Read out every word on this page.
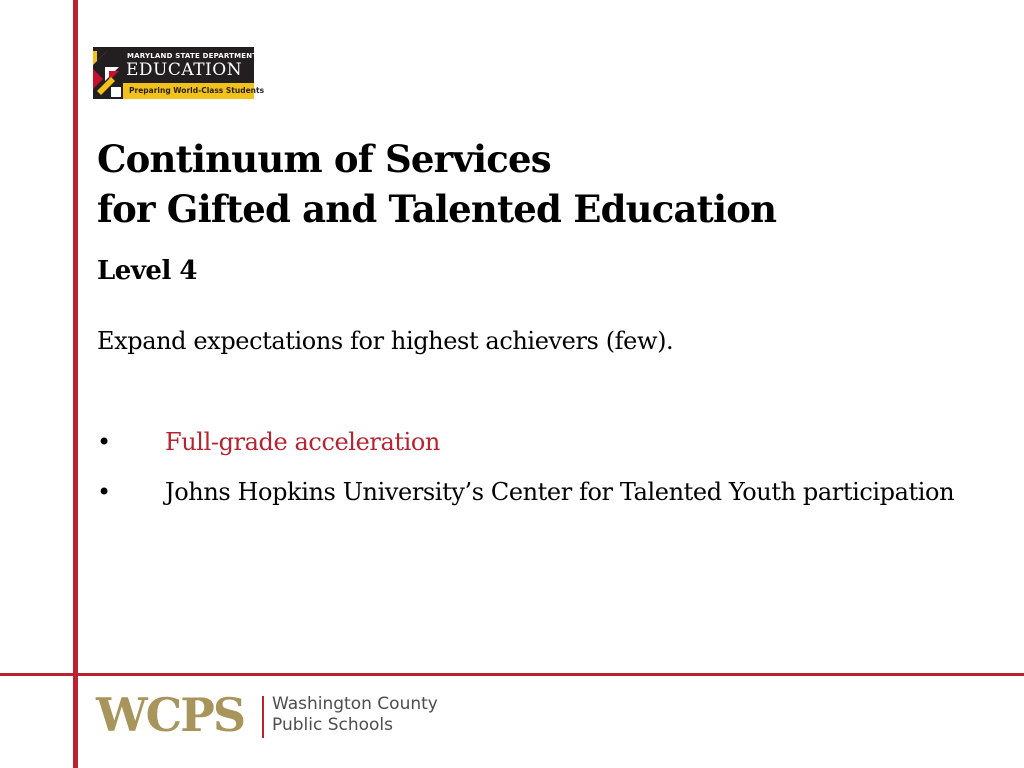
MARYLAND STATE DEPARTMENT OF
EDUCATION
Preparing World-Class Students
Continuum of Services
for Gifted and Talented Education
Level 4
Expand expectations for highest achievers (few).
• Full-grade acceleration
• Johns Hopkins University’s Center for Talented Youth participation
WCPS Washington County
Public Schools
